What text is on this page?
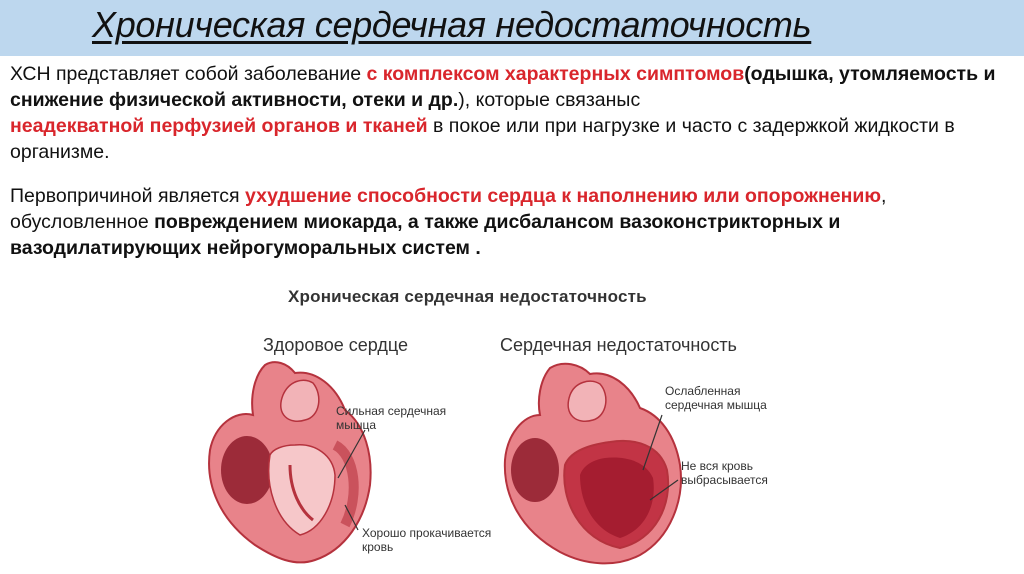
Хроническая сердечная недостаточность
ХСН представляет собой заболевание с комплексом характерных симптомов(одышка, утомляемость и снижение физической активности, отеки и др.), которые связаныс
неадекватной перфузией органов и тканей в покое или при нагрузке и часто с задержкой жидкости в организме.
Первопричиной является ухудшение способности сердца к наполнению или опорожнению, обусловленное повреждением миокарда, а также дисбалансом вазоконстрикторных и вазодилатирующих нейрогуморальных систем .
Хроническая сердечная недостаточность
Здоровое сердце	Сердечная недостаточность
Сильная сердечная
мышца
Хорошо прокачивается
кровь
Ослабленная
сердечная мышца
Не вся кровь
выбрасывается
